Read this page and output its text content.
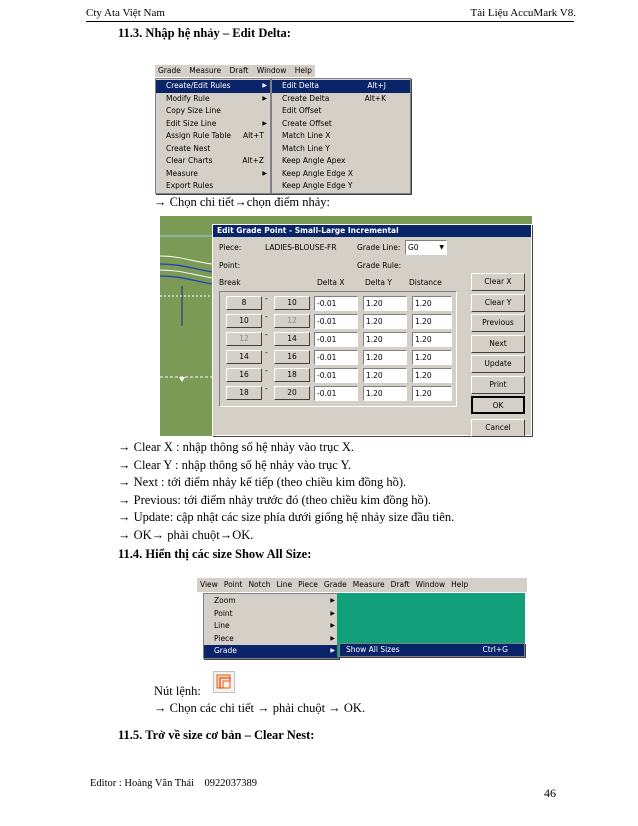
Cty Ata Việt Nam	Tài Liệu AccuMark V8.
11.3. Nhập hệ nhảy – Edit Delta:
Grade Measure Draft Window Help
Create/Edit Rules	▶
Modify Rule	▶
Copy Size Line
Edit Size Line	▶
Assign Rule Table Alt+T
Create Nest
Clear Charts	Alt+Z
Measure	▶
Export Rules
Edit Delta	Alt+J
Create Delta	Alt+K
Edit Offset
Create Offset
Match Line X
Match Line Y
Keep Angle Apex
Keep Angle Edge X
Keep Angle Edge Y
→ Chọn chi tiết→chọn điểm nhảy:
Edit Grade Point - Small-Large Incremental
Piece:	LADIES-BLOUSE-FR	Grade Line:	G0	▼
Point:	Grade Rule:
Break	Delta X	Delta Y Distance
8	-	10	-0.01	1.20	1.20
10	-	12	-0.01	1.20	1.20
12	-	14	-0.01	1.20	1.20
14	-	16	-0.01	1.20	1.20
16	-	18	-0.01	1.20	1.20
18	-	20	-0.01	1.20	1.20
Clear X
Clear Y
Previous
Next
Update
Print
OK
Cancel
→ Clear X : nhập thông số hệ nhảy vào trục X.
→ Clear Y : nhập thông số hệ nhảy vào trục Y.
→ Next : tới điểm nhảy kế tiếp (theo chiều kim đồng hồ).
→ Previous: tới điểm nhảy trước đó (theo chiều kim đồng hồ).
→ Update: cập nhật các size phía dưới giống hệ nhảy size đầu tiên.
→ OK→ phải chuột→OK.
11.4. Hiển thị các size Show All Size:
View Point Notch Line Piece Grade Measure Draft Window Help
Zoom	▶
Point	▶
Line	▶
Piece	▶
Grade	▶	Show All Sizes	Ctrl+G
Nút lệnh:
→ Chọn các chi tiết → phải chuột → OK.
11.5. Trở về size cơ bản – Clear Nest:
Editor : Hoàng Văn Thái    0922037389
46
